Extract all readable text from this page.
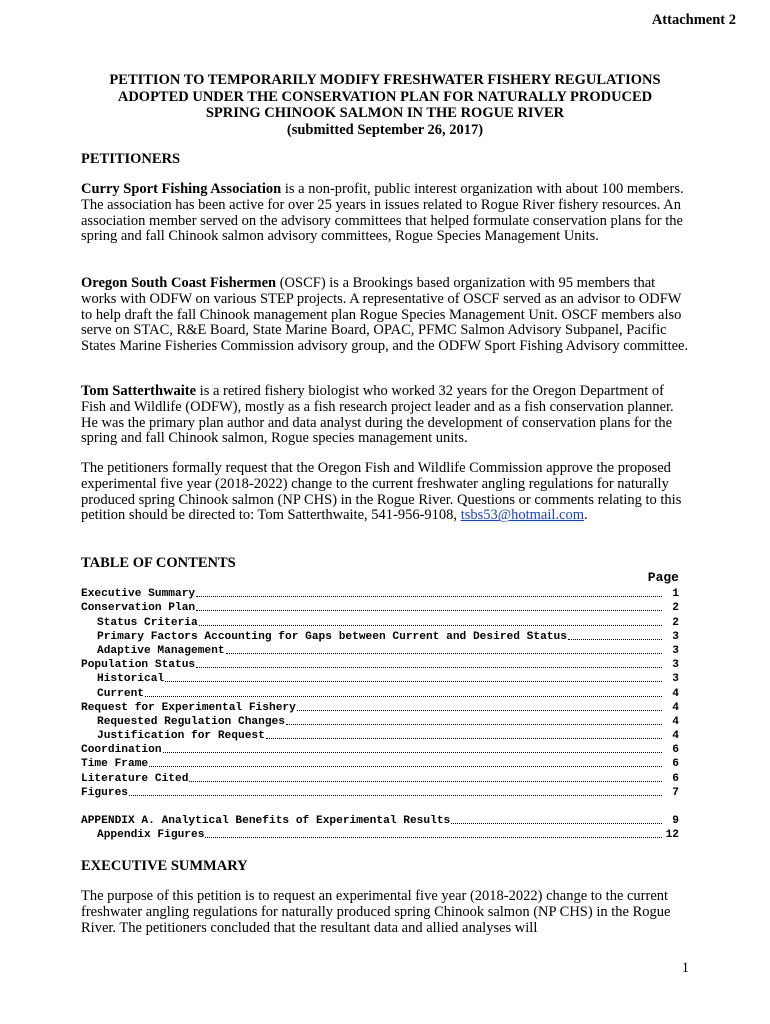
Attachment 2
PETITION TO TEMPORARILY MODIFY FRESHWATER FISHERY REGULATIONS
ADOPTED UNDER THE CONSERVATION PLAN FOR NATURALLY PRODUCED
SPRING CHINOOK SALMON IN THE ROGUE RIVER
(submitted September 26, 2017)
PETITIONERS
Curry Sport Fishing Association is a non-profit, public interest organization with about 100 members. The association has been active for over 25 years in issues related to Rogue River fishery resources. An association member served on the advisory committees that helped formulate conservation plans for the spring and fall Chinook salmon advisory committees, Rogue Species Management Units.
Oregon South Coast Fishermen (OSCF) is a Brookings based organization with 95 members that works with ODFW on various STEP projects. A representative of OSCF served as an advisor to ODFW to help draft the fall Chinook management plan Rogue Species Management Unit. OSCF members also serve on STAC, R&E Board, State Marine Board, OPAC, PFMC Salmon Advisory Subpanel, Pacific States Marine Fisheries Commission advisory group, and the ODFW Sport Fishing Advisory committee.
Tom Satterthwaite is a retired fishery biologist who worked 32 years for the Oregon Department of Fish and Wildlife (ODFW), mostly as a fish research project leader and as a fish conservation planner. He was the primary plan author and data analyst during the development of conservation plans for the spring and fall Chinook salmon, Rogue species management units.
The petitioners formally request that the Oregon Fish and Wildlife Commission approve the proposed experimental five year (2018-2022) change to the current freshwater angling regulations for naturally produced spring Chinook salmon (NP CHS) in the Rogue River. Questions or comments relating to this petition should be directed to: Tom Satterthwaite, 541-956-9108, tsbs53@hotmail.com.
TABLE OF CONTENTS
Page
Executive Summary	1
Conservation Plan	2
Status Criteria	2
Primary Factors Accounting for Gaps between Current and Desired Status	3
Adaptive Management	3
Population Status	3
Historical	3
Current	4
Request for Experimental Fishery	4
Requested Regulation Changes	4
Justification for Request	4
Coordination	6
Time Frame	6
Literature Cited	6
Figures	7
APPENDIX A. Analytical Benefits of Experimental Results	9
Appendix Figures	12
EXECUTIVE SUMMARY
The purpose of this petition is to request an experimental five year (2018-2022) change to the current freshwater angling regulations for naturally produced spring Chinook salmon (NP CHS) in the Rogue River. The petitioners concluded that the resultant data and allied analyses will
1
